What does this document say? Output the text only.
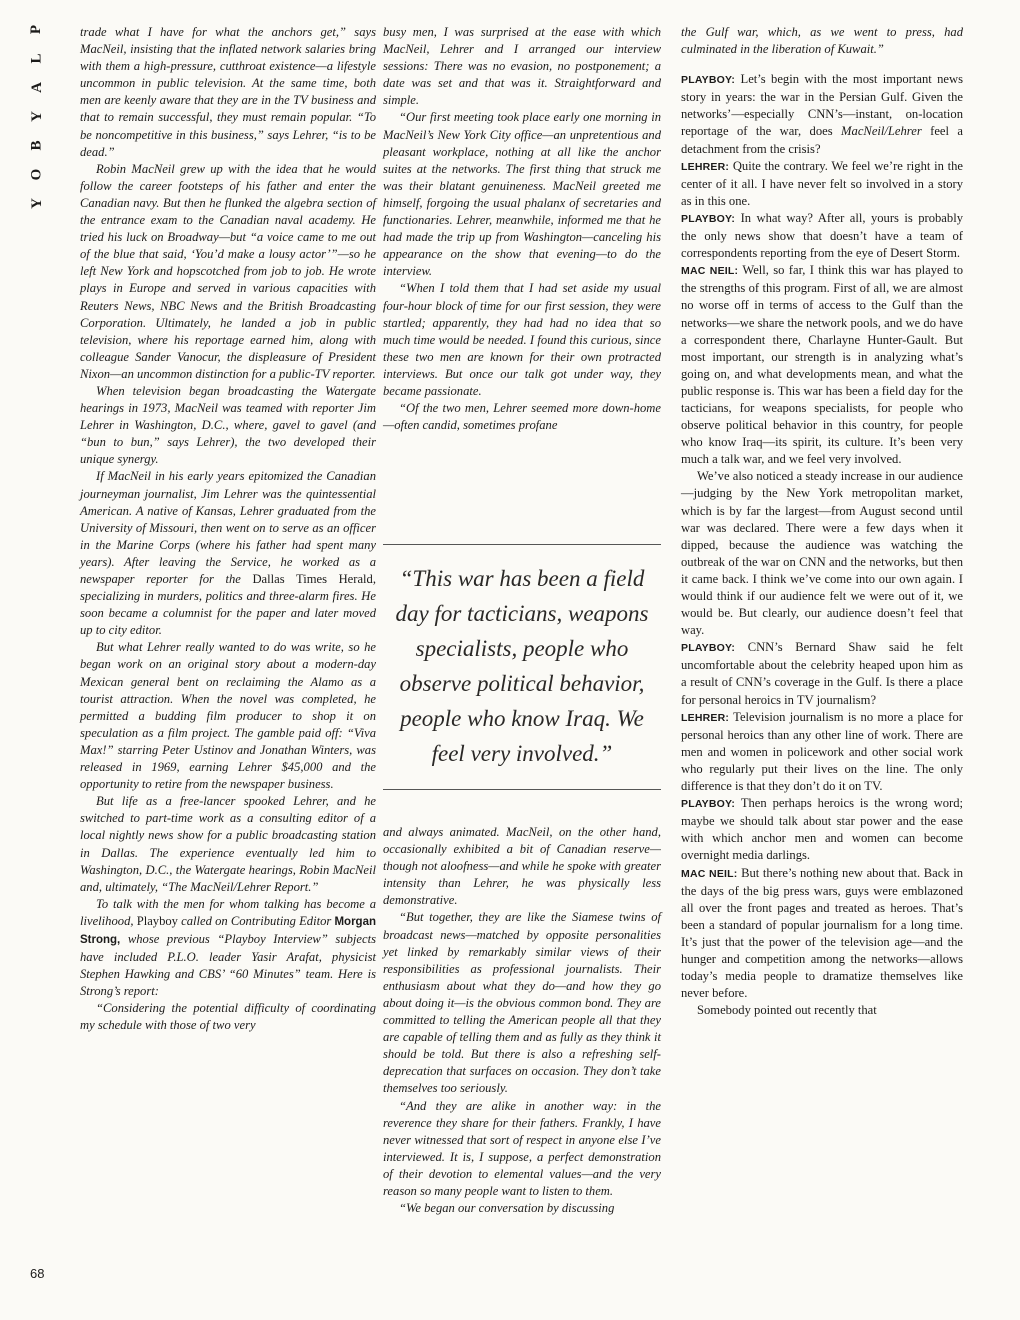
P
L
A
Y
B
O
Y
68

trade what I have for what the anchors get,” says MacNeil, insisting that the inflated network salaries bring with them a high-pressure, cutthroat existence—a lifestyle uncommon in public television. At the same time, both men are keenly aware that they are in the TV business and that to remain successful, they must remain popular. “To be noncompetitive in this business,” says Lehrer, “is to be dead.”

Robin MacNeil grew up with the idea that he would follow the career footsteps of his father and enter the Canadian navy. But then he flunked the algebra section of the entrance exam to the Canadian naval academy. He tried his luck on Broadway—but “a voice came to me out of the blue that said, ‘You’d make a lousy actor’”—so he left New York and hopscotched from job to job. He wrote plays in Europe and served in various capacities with Reuters News, NBC News and the British Broadcasting Corporation. Ultimately, he landed a job in public television, where his reportage earned him, along with colleague Sander Vanocur, the displeasure of President Nixon—an uncommon distinction for a public-TV reporter.

When television began broadcasting the Watergate hearings in 1973, MacNeil was teamed with reporter Jim Lehrer in Washington, D.C., where, gavel to gavel (and “bun to bun,” says Lehrer), the two developed their unique synergy.

If MacNeil in his early years epitomized the Canadian journeyman journalist, Jim Lehrer was the quintessential American. A native of Kansas, Lehrer graduated from the University of Missouri, then went on to serve as an officer in the Marine Corps (where his father had spent many years). After leaving the Service, he worked as a newspaper reporter for the Dallas Times Herald, specializing in murders, politics and three-alarm fires. He soon became a columnist for the paper and later moved up to city editor.

But what Lehrer really wanted to do was write, so he began work on an original story about a modern-day Mexican general bent on reclaiming the Alamo as a tourist attraction. When the novel was completed, he permitted a budding film producer to shop it on speculation as a film project. The gamble paid off: “Viva Max!” starring Peter Ustinov and Jonathan Winters, was released in 1969, earning Lehrer $45,000 and the opportunity to retire from the newspaper business.

But life as a free-lancer spooked Lehrer, and he switched to part-time work as a consulting editor of a local nightly news show for a public broadcasting station in Dallas. The experience eventually led him to Washington, D.C., the Watergate hearings, Robin MacNeil and, ultimately, “The MacNeil/Lehrer Report.”

To talk with the men for whom talking has become a livelihood, Playboy called on Contributing Editor Morgan Strong, whose previous “Playboy Interview” subjects have included P.L.O. leader Yasir Arafat, physicist Stephen Hawking and CBS’ “60 Minutes” team. Here is Strong’s report:

“Considering the potential difficulty of coordinating my schedule with those of two very

busy men, I was surprised at the ease with which MacNeil, Lehrer and I arranged our interview sessions: There was no evasion, no postponement; a date was set and that was it. Straightforward and simple.

“Our first meeting took place early one morning in MacNeil’s New York City office—an unpretentious and pleasant workplace, nothing at all like the anchor suites at the networks. The first thing that struck me was their blatant genuineness. MacNeil greeted me himself, forgoing the usual phalanx of secretaries and functionaries. Lehrer, meanwhile, informed me that he had made the trip up from Washington—canceling his appearance on the show that evening—to do the interview.

“When I told them that I had set aside my usual four-hour block of time for our first session, they were startled; apparently, they had had no idea that so much time would be needed. I found this curious, since these two men are known for their own protracted interviews. But once our talk got under way, they became passionate.

“Of the two men, Lehrer seemed more down-home—often candid, sometimes profane

“This war has been a field day for tacticians, weapons specialists, people who observe political behavior, people who know Iraq. We feel very involved.”

and always animated. MacNeil, on the other hand, occasionally exhibited a bit of Canadian reserve—though not aloofness—and while he spoke with greater intensity than Lehrer, he was physically less demonstrative.

“But together, they are like the Siamese twins of broadcast news—matched by opposite personalities yet linked by remarkably similar views of their responsibilities as professional journalists. Their enthusiasm about what they do—and how they go about doing it—is the obvious common bond. They are committed to telling the American people all that they are capable of telling them and as fully as they think it should be told. But there is also a refreshing self-deprecation that surfaces on occasion. They don’t take themselves too seriously.

“And they are alike in another way: in the reverence they share for their fathers. Frankly, I have never witnessed that sort of respect in anyone else I’ve interviewed. It is, I suppose, a perfect demonstration of their devotion to elemental values—and the very reason so many people want to listen to them.

“We began our conversation by discussing

the Gulf war, which, as we went to press, had culminated in the liberation of Kuwait.”

PLAYBOY: Let’s begin with the most important news story in years: the war in the Persian Gulf. Given the networks’—especially CNN’s—instant, on-location reportage of the war, does MacNeil/Lehrer feel a detachment from the crisis?

LEHRER: Quite the contrary. We feel we’re right in the center of it all. I have never felt so involved in a story as in this one.

PLAYBOY: In what way? After all, yours is probably the only news show that doesn’t have a team of correspondents reporting from the eye of Desert Storm.

MAC NEIL: Well, so far, I think this war has played to the strengths of this program. First of all, we are almost no worse off in terms of access to the Gulf than the networks—we share the network pools, and we do have a correspondent there, Charlayne Hunter-Gault. But most important, our strength is in analyzing what’s going on, and what developments mean, and what the public response is. This war has been a field day for the tacticians, for weapons specialists, for people who observe political behavior in this country, for people who know Iraq—its spirit, its culture. It’s been very much a talk war, and we feel very involved.

We’ve also noticed a steady increase in our audience—judging by the New York metropolitan market, which is by far the largest—from August second until war was declared. There were a few days when it dipped, because the audience was watching the outbreak of the war on CNN and the networks, but then it came back. I think we’ve come into our own again. I would think if our audience felt we were out of it, we would be. But clearly, our audience doesn’t feel that way.

PLAYBOY: CNN’s Bernard Shaw said he felt uncomfortable about the celebrity heaped upon him as a result of CNN’s coverage in the Gulf. Is there a place for personal heroics in TV journalism?

LEHRER: Television journalism is no more a place for personal heroics than any other line of work. There are men and women in policework and other social work who regularly put their lives on the line. The only difference is that they don’t do it on TV.

PLAYBOY: Then perhaps heroics is the wrong word; maybe we should talk about star power and the ease with which anchor men and women can become overnight media darlings.

MAC NEIL: But there’s nothing new about that. Back in the days of the big press wars, guys were emblazoned all over the front pages and treated as heroes. That’s been a standard of popular journalism for a long time. It’s just that the power of the television age—and the hunger and competition among the networks—allows today’s media people to dramatize themselves like never before.

Somebody pointed out recently that
